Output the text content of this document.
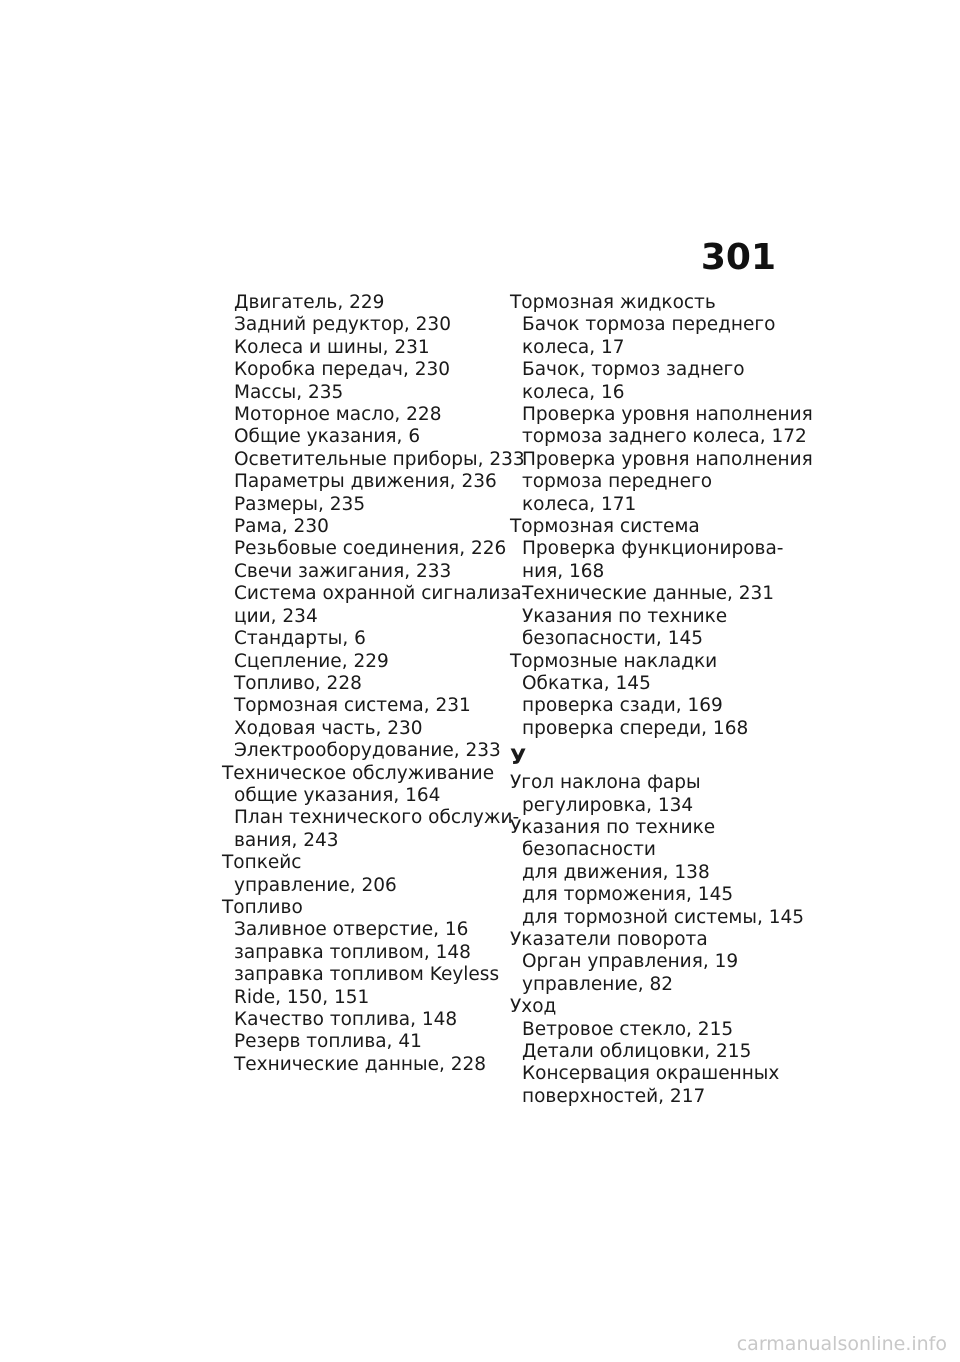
301
Двигатель, 229
Задний редуктор, 230
Колеса и шины, 231
Коробка передач, 230
Массы, 235
Моторное масло, 228
Общие указания, 6
Осветительные приборы, 233
Параметры движения, 236
Размеры, 235
Рама, 230
Резьбовые соединения, 226
Свечи зажигания, 233
Система охранной сигнализа-
ции, 234
Стандарты, 6
Сцепление, 229
Топливо, 228
Тормозная система, 231
Ходовая часть, 230
Электрооборудование, 233
Техническое обслуживание
общие указания, 164
План технического обслужи-
вания, 243
Топкейс
управление, 206
Топливо
Заливное отверстие, 16
заправка топливом, 148
заправка топливом Keyless
Ride, 150, 151
Качество топлива, 148
Резерв топлива, 41
Технические данные, 228
Тормозная жидкость
Бачок тормоза переднего
колеса, 17
Бачок, тормоз заднего
колеса, 16
Проверка уровня наполнения
тормоза заднего колеса, 172
Проверка уровня наполнения
тормоза переднего
колеса, 171
Тормозная система
Проверка функционирова-
ния, 168
Технические данные, 231
Указания по технике
безопасности, 145
Тормозные накладки
Обкатка, 145
проверка сзади, 169
проверка спереди, 168
У
Угол наклона фары
регулировка, 134
Указания по технике
безопасности
для движения, 138
для торможения, 145
для тормозной системы, 145
Указатели поворота
Орган управления, 19
управление, 82
Уход
Ветровое стекло, 215
Детали облицовки, 215
Консервация окрашенных
поверхностей, 217
carmanualsonline.info
